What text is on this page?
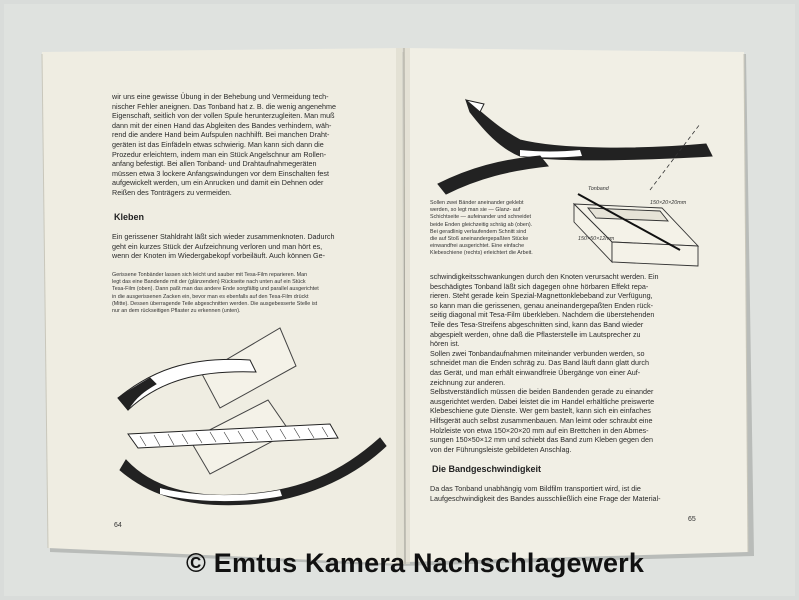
wir uns eine gewisse Übung in der Behebung und Vermeidung tech-
nischer Fehler aneignen. Das Tonband hat z. B. die wenig angenehme
Eigenschaft, seitlich von der vollen Spule herunterzugleiten. Man muß
dann mit der einen Hand das Abgleiten des Bandes verhindern, wäh-
rend die andere Hand beim Aufspulen nachhilft. Bei manchen Draht-
geräten ist das Einfädeln etwas schwierig. Man kann sich dann die
Prozedur erleichtern, indem man ein Stück Angelschnur am Rollen-
anfang befestigt. Bei allen Tonband- und Drahtaufnahmegeräten
müssen etwa 3 lockere Anfangswindungen vor dem Einschalten fest
aufgewickelt werden, um ein Anrucken und damit ein Dehnen oder
Reißen des Tonträgers zu vermeiden.
Kleben
Ein gerissener Stahldraht läßt sich wieder zusammenknoten. Dadurch
geht ein kurzes Stück der Aufzeichnung verloren und man hört es,
wenn der Knoten im Wiedergabekopf vorbeiläuft. Auch können Ge-
Gerissene Tonbänder lassen sich leicht und sauber mit Tesa-Film reparieren. Man
legt das eine Bandende mit der (glänzenden) Rückseite nach unten auf ein Stück
Tesa-Film (oben). Dann paßt man das andere Ende sorgfältig und parallel ausgerichtet
in die ausgerissenen Zacken ein, bevor man es ebenfalls auf den Tesa-Film drückt
(Mitte). Dessen überragende Teile abgeschnitten werden. Die ausgebesserte Stelle ist
nur an dem rückseitigen Pflaster zu erkennen (unten).
64
Tonband
150×20×20mm
150×50×12mm
Sollen zwei Bänder aneinander geklebt
werden, so legt man sie — Glanz- auf
Schichtseite — aufeinander und schneidet
beide Enden gleichzeitig schräg ab (oben).
Bei geradlinig verlaufendem Schnitt sind
die auf Stoß aneinandergepaßten Stücke
einwandfrei ausgerichtet. Eine einfache
Klebeschiene (rechts) erleichtert die Arbeit.
schwindigkeitsschwankungen durch den Knoten verursacht werden. Ein
beschädigtes Tonband läßt sich dagegen ohne hörbaren Effekt repa-
rieren. Steht gerade kein Spezial-Magnettonklebeband zur Verfügung,
so kann man die gerissenen, genau aneinandergepaßten Enden rück-
seitig diagonal mit Tesa-Film überkleben. Nachdem die überstehenden
Teile des Tesa-Streifens abgeschnitten sind, kann das Band wieder
abgespielt werden, ohne daß die Pflasterstelle im Lautsprecher zu
hören ist.
Sollen zwei Tonbandaufnahmen miteinander verbunden werden, so
schneidet man die Enden schräg zu. Das Band läuft dann glatt durch
das Gerät, und man erhält einwandfreie Übergänge von einer Auf-
zeichnung zur anderen.
Selbstverständlich müssen die beiden Bandenden gerade zu einander
ausgerichtet werden. Dabei leistet die im Handel erhältliche preiswerte
Klebeschiene gute Dienste. Wer gern bastelt, kann sich ein einfaches
Hilfsgerät auch selbst zusammenbauen. Man leimt oder schraubt eine
Holzleiste von etwa 150×20×20 mm auf ein Brettchen in den Abmes-
sungen 150×50×12 mm und schiebt das Band zum Kleben gegen den
von der Führungsleiste gebildeten Anschlag.
Die Bandgeschwindigkeit
Da das Tonband unabhängig vom Bildfilm transportiert wird, ist die
Laufgeschwindigkeit des Bandes ausschließlich eine Frage der Material-
65
© Emtus Kamera Nachschlagewerk
